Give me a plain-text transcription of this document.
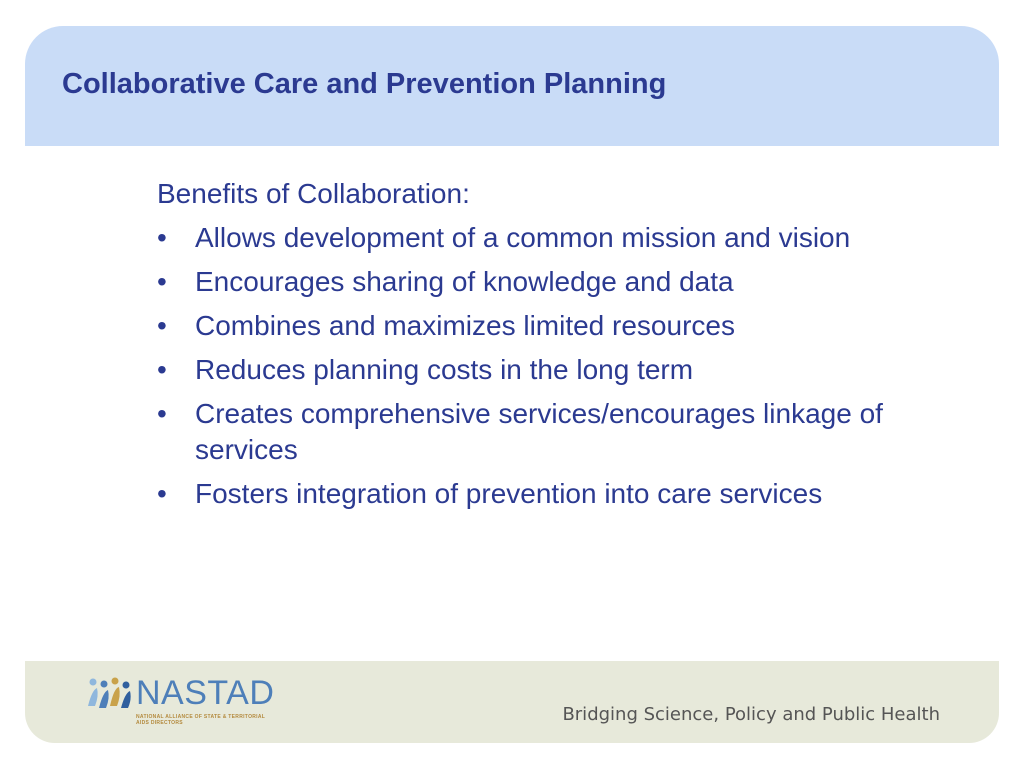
Collaborative Care and Prevention Planning

Benefits of Collaboration:

• Allows development of a common mission and vision
• Encourages sharing of knowledge and data
• Combines and maximizes limited resources
• Reduces planning costs in the long term
• Creates comprehensive services/encourages linkage of services
• Fosters integration of prevention into care services
NASTAD
NATIONAL ALLIANCE OF STATE & TERRITORIAL AIDS DIRECTORS	Bridging Science, Policy and Public Health
